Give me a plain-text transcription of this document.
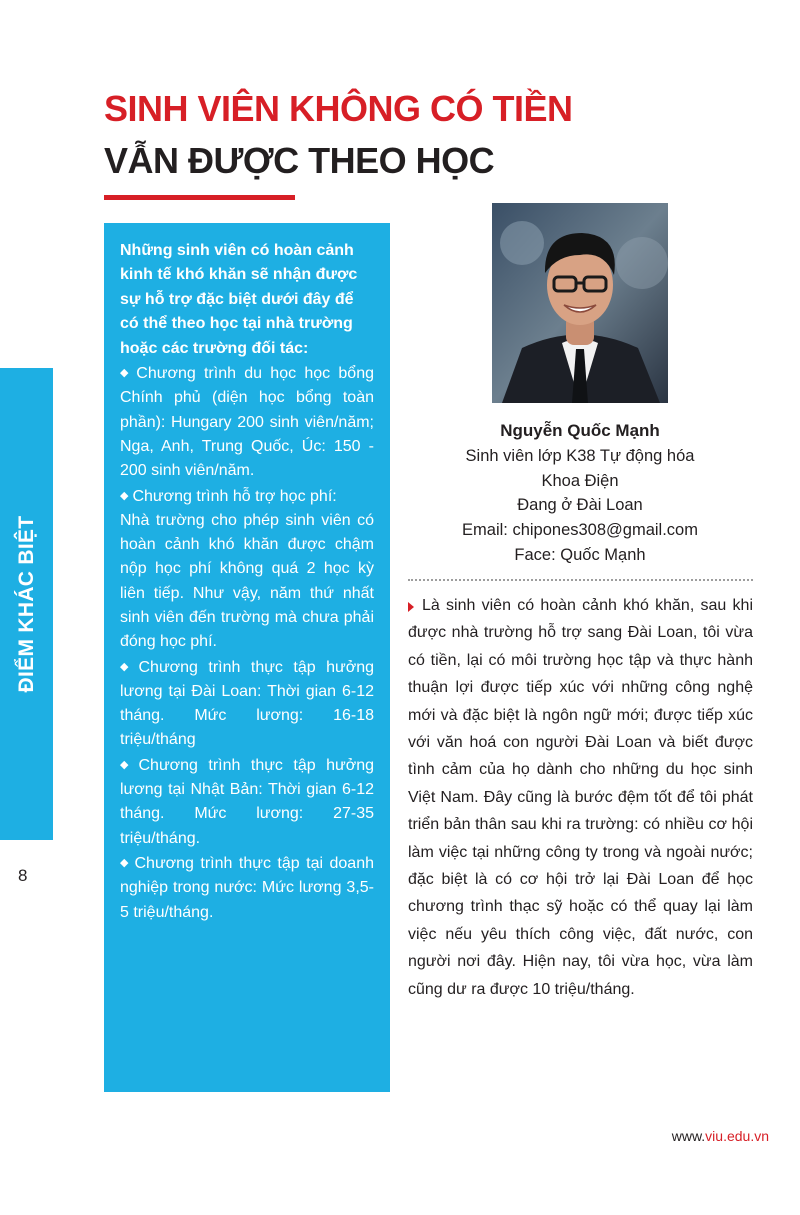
SINH VIÊN KHÔNG CÓ TIỀN
VẪN ĐƯỢC THEO HỌC
ĐIỂM KHÁC BIỆT
8

Những sinh viên có hoàn cảnh kinh tế khó khăn sẽ nhận được sự hỗ trợ đặc biệt dưới đây để có thể theo học tại nhà trường hoặc các trường đối tác:

◆ Chương trình du học học bổng Chính phủ (diện học bổng toàn phần): Hungary 200 sinh viên/năm; Nga, Anh, Trung Quốc, Úc: 150 - 200 sinh viên/năm.

◆ Chương trình hỗ trợ học phí:

Nhà trường cho phép sinh viên có hoàn cảnh khó khăn được chậm nộp học phí không quá 2 học kỳ liên tiếp. Như vậy, năm thứ nhất sinh viên đến trường mà chưa phải đóng học phí.

◆ Chương trình thực tập hưởng lương tại Đài Loan: Thời gian 6-12 tháng. Mức lương: 16-18 triệu/tháng

◆ Chương trình thực tập hưởng lương tại Nhật Bản: Thời gian 6-12 tháng. Mức lương: 27-35 triệu/tháng.

◆ Chương trình thực tập tại doanh nghiệp trong nước: Mức lương 3,5-5 triệu/tháng.

Nguyễn Quốc Mạnh
Sinh viên lớp K38 Tự động hóa
Khoa Điện
Đang ở Đài Loan
Email: chipones308@gmail.com
Face: Quốc Mạnh

Là sinh viên có hoàn cảnh khó khăn, sau khi được nhà trường hỗ trợ sang Đài Loan, tôi vừa có tiền, lại có môi trường học tập và thực hành thuận lợi được tiếp xúc với những công nghệ mới và đặc biệt là ngôn ngữ mới; được tiếp xúc với văn hoá con người Đài Loan và biết được tình cảm của họ dành cho những du học sinh Việt Nam. Đây cũng là bước đệm tốt để tôi phát triển bản thân sau khi ra trường: có nhiều cơ hội làm việc tại những công ty trong và ngoài nước; đặc biệt là có cơ hội trở lại Đài Loan để học chương trình thạc sỹ hoặc có thể quay lại làm việc nếu yêu thích công việc, đất nước, con người nơi đây. Hiện nay, tôi vừa học, vừa làm cũng dư ra được 10 triệu/tháng.

www.viu.edu.vn
